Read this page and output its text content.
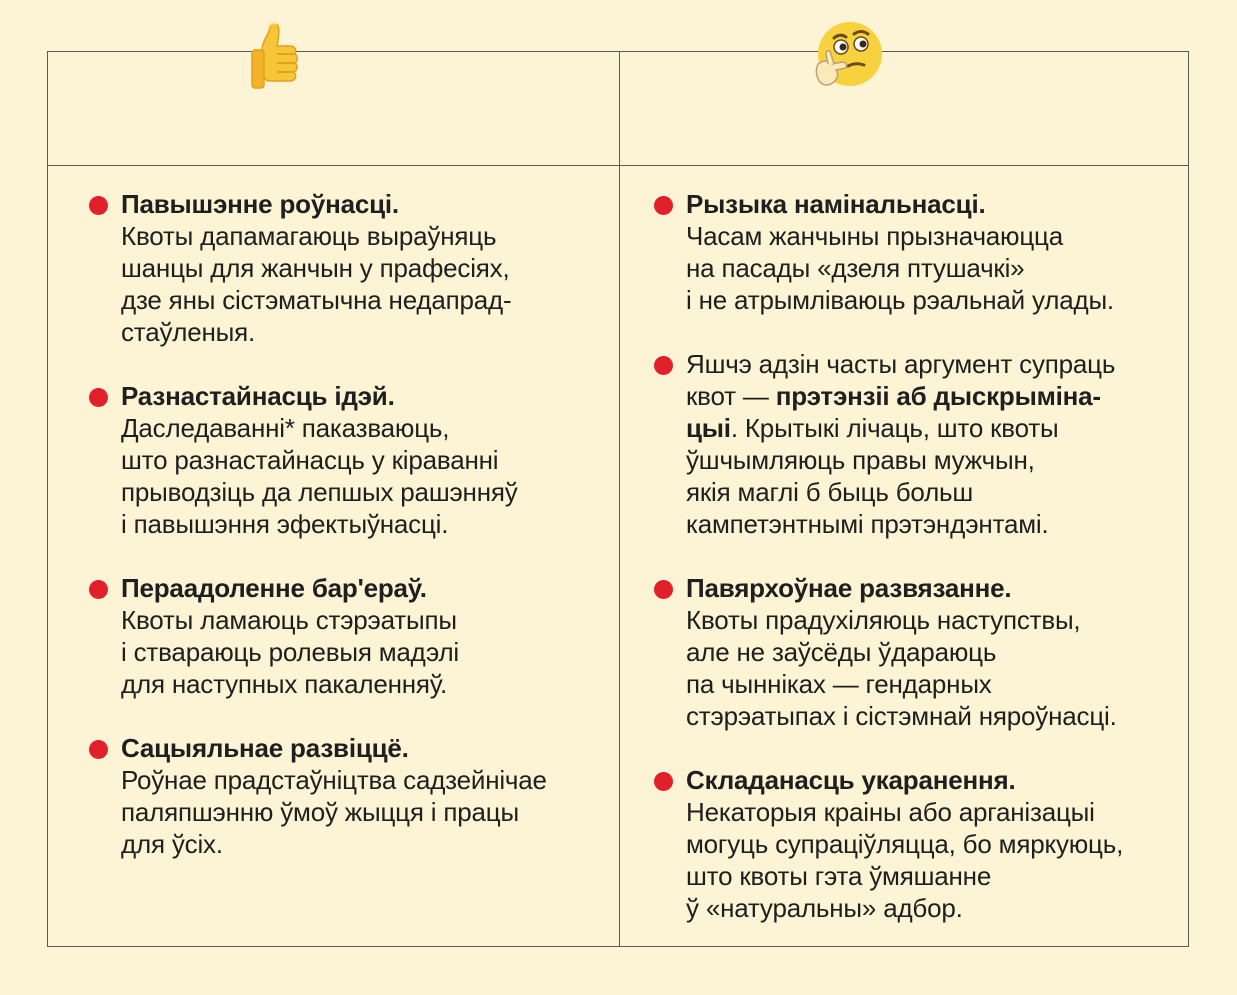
Павышэнне роўнасці.
Квоты дапамагаюць выраўняць
шанцы для жанчын у прафесіях,
дзе яны сістэматычна недапрад-
стаўленыя.
Разнастайнасць ідэй.
Даследаванні* паказваюць,
што разнастайнасць у кіраванні
прыводзіць да лепшых рашэнняў
і павышэння эфектыўнасці.
Пераадоленне бар'ераў.
Квоты ламаюць стэрэатыпы
і ствараюць ролевыя мадэлі
для наступных пакаленняў.
Сацыяльнае развіццё.
Роўнае прадстаўніцтва садзейнічае
паляпшэнню ўмоў жыцця і працы
для ўсіх.
Рызыка намінальнасці.
Часам жанчыны прызначаюцца
на пасады «дзеля птушачкі»
і не атрымліваюць рэальнай улады.
Яшчэ адзін часты аргумент супраць
квот — прэтэнзіі аб дыскрыміна-
цыі. Крытыкі лічаць, што квоты
ўшчымляюць правы мужчын,
якія маглі б быць больш
кампетэнтнымі прэтэндэнтамі.
Павярхоўнае развязанне.
Квоты прадухіляюць наступствы,
але не заўсёды ўдараюць
па чынніках — гендарных
стэрэатыпах і сістэмнай няроўнасці.
Складанасць укаранення.
Некаторыя краіны або арганізацыі
могуць супраціўляцца, бо мяркуюць,
што квоты гэта ўмяшанне
ў «натуральны» адбор.
